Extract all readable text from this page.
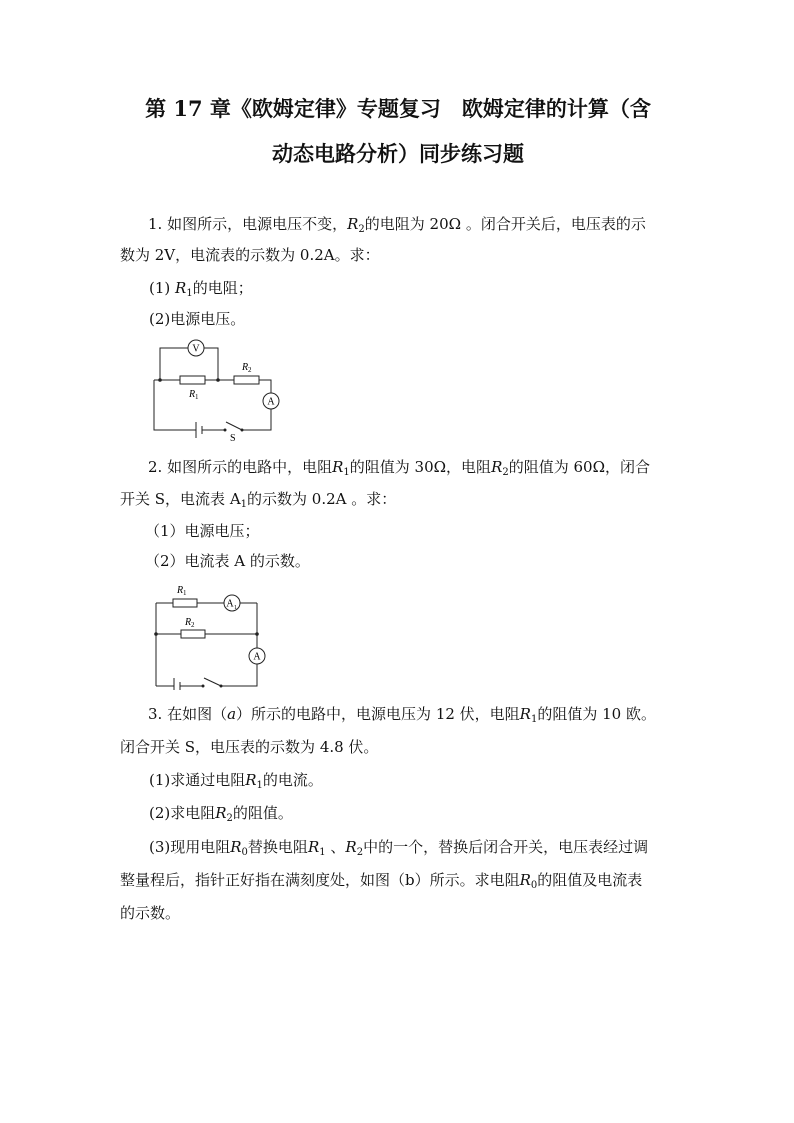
第 17 章《欧姆定律》专题复习　欧姆定律的计算（含
动态电路分析）同步练习题
1. 如图所示，电源电压不变，$R_2$的电阻为 20Ω 。闭合开关后，电压表的示
数为 2V，电流表的示数为 0.2A。求：
(1) $R_1$的电阻；
(2)电源电压。
V
A
R 1
R 2
S
2. 如图所示的电路中，电阻$R_1$的阻值为 30Ω，电阻$R_2$的阻值为 60Ω，闭合
开关 S，电流表 $A_1$的示数为 0.2A 。求：
（1）电源电压；
（2）电流表 A 的示数。
R 1
R 2
A 1
A
3. 在如图（a）所示的电路中，电源电压为 12 伏，电阻$R_1$的阻值为 10 欧。
闭合开关 S，电压表的示数为 4.8 伏。
(1)求通过电阻$R_1$的电流。
(2)求电阻$R_2$的阻值。
(3)现用电阻$R_0$替换电阻$R_1$ 、$R_2$中的一个，替换后闭合开关，电压表经过调
整量程后，指针正好指在满刻度处，如图（b）所示。求电阻$R_0$的阻值及电流表
的示数。
